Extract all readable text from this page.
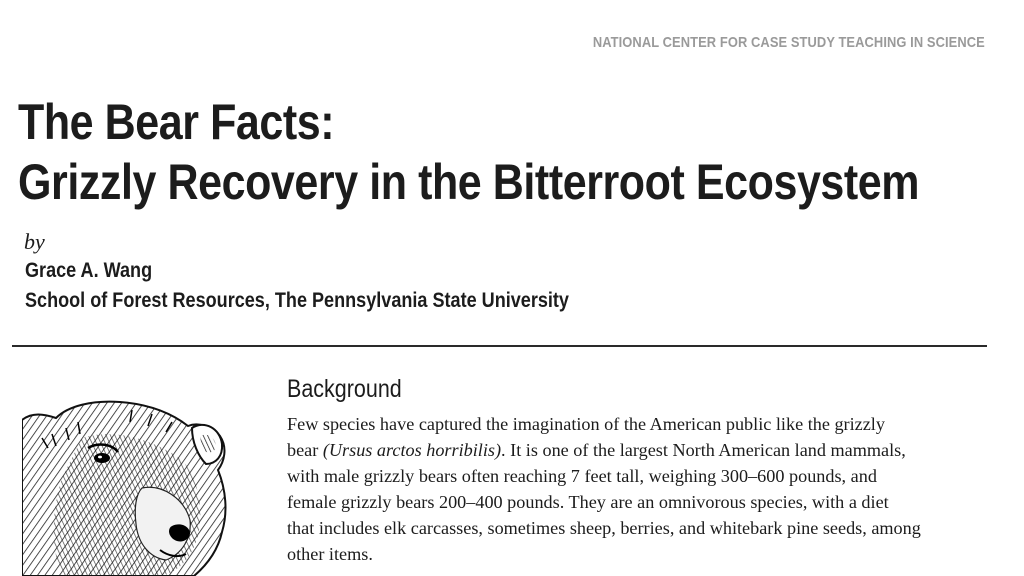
NATIONAL CENTER FOR CASE STUDY TEACHING IN SCIENCE
The Bear Facts:
Grizzly Recovery in the Bitterroot Ecosystem
by
Grace A. Wang
School of Forest Resources, The Pennsylvania State University
Background

Few species have captured the imagination of the American public like the grizzly
bear (Ursus arctos horribilis). It is one of the largest North American land mammals,
with male grizzly bears often reaching 7 feet tall, weighing 300–600 pounds, and
female grizzly bears 200–400 pounds. They are an omnivorous species, with a diet
that includes elk carcasses, sometimes sheep, berries, and whitebark pine seeds, among
other items.
